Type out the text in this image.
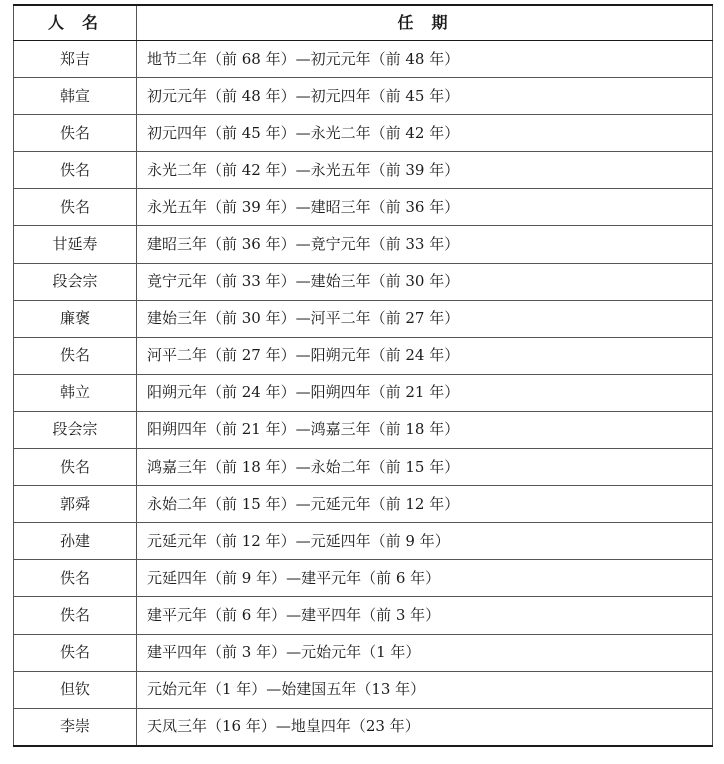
人名	任期
郑吉	地节二年（前 68 年）—初元元年（前 48 年）
韩宣	初元元年（前 48 年）—初元四年（前 45 年）
佚名	初元四年（前 45 年）—永光二年（前 42 年）
佚名	永光二年（前 42 年）—永光五年（前 39 年）
佚名	永光五年（前 39 年）—建昭三年（前 36 年）
甘延寿	建昭三年（前 36 年）—竟宁元年（前 33 年）
段会宗	竟宁元年（前 33 年）—建始三年（前 30 年）
廉褒	建始三年（前 30 年）—河平二年（前 27 年）
佚名	河平二年（前 27 年）—阳朔元年（前 24 年）
韩立	阳朔元年（前 24 年）—阳朔四年（前 21 年）
段会宗	阳朔四年（前 21 年）—鸿嘉三年（前 18 年）
佚名	鸿嘉三年（前 18 年）—永始二年（前 15 年）
郭舜	永始二年（前 15 年）—元延元年（前 12 年）
孙建	元延元年（前 12 年）—元延四年（前 9 年）
佚名	元延四年（前 9 年）—建平元年（前 6 年）
佚名	建平元年（前 6 年）—建平四年（前 3 年）
佚名	建平四年（前 3 年）—元始元年（1 年）
但钦	元始元年（1 年）—始建国五年（13 年）
李崇	天凤三年（16 年）—地皇四年（23 年）
